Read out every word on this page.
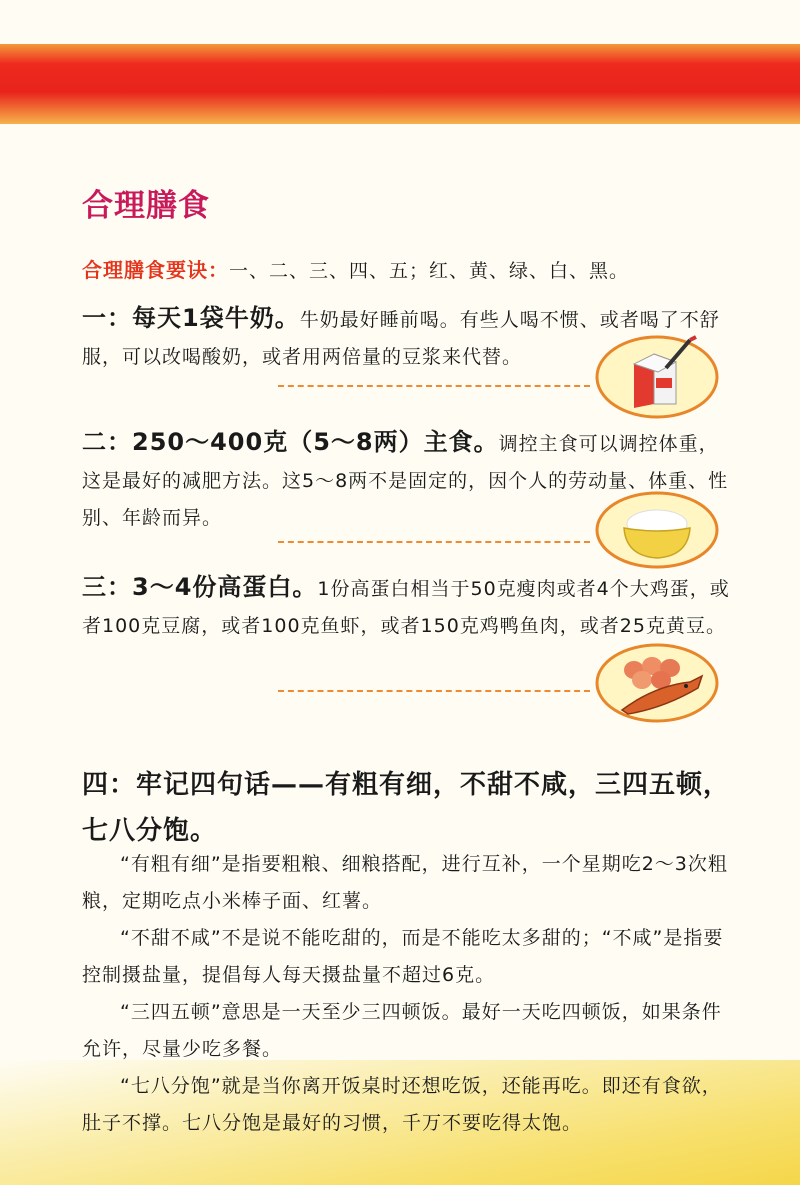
合理膳食

合理膳食要诀：一、二、三、四、五；红、黄、绿、白、黑。

一：每天1袋牛奶。牛奶最好睡前喝。有些人喝不惯、或者喝了不舒服，可以改喝酸奶，或者用两倍量的豆浆来代替。

二：250～400克（5～8两）主食。调控主食可以调控体重，这是最好的减肥方法。这5～8两不是固定的，因个人的劳动量、体重、性别、年龄而异。

三：3～4份高蛋白。1份高蛋白相当于50克瘦肉或者4个大鸡蛋，或者100克豆腐，或者100克鱼虾，或者150克鸡鸭鱼肉，或者25克黄豆。

四：牢记四句话——有粗有细，不甜不咸，三四五顿，七八分饱。

“有粗有细”是指要粗粮、细粮搭配，进行互补，一个星期吃2～3次粗粮，定期吃点小米棒子面、红薯。

“不甜不咸”不是说不能吃甜的，而是不能吃太多甜的；“不咸”是指要控制摄盐量，提倡每人每天摄盐量不超过6克。

“三四五顿”意思是一天至少三四顿饭。最好一天吃四顿饭，如果条件允许，尽量少吃多餐。

“七八分饱”就是当你离开饭桌时还想吃饭，还能再吃。即还有食欲，肚子不撑。七八分饱是最好的习惯，千万不要吃得太饱。
